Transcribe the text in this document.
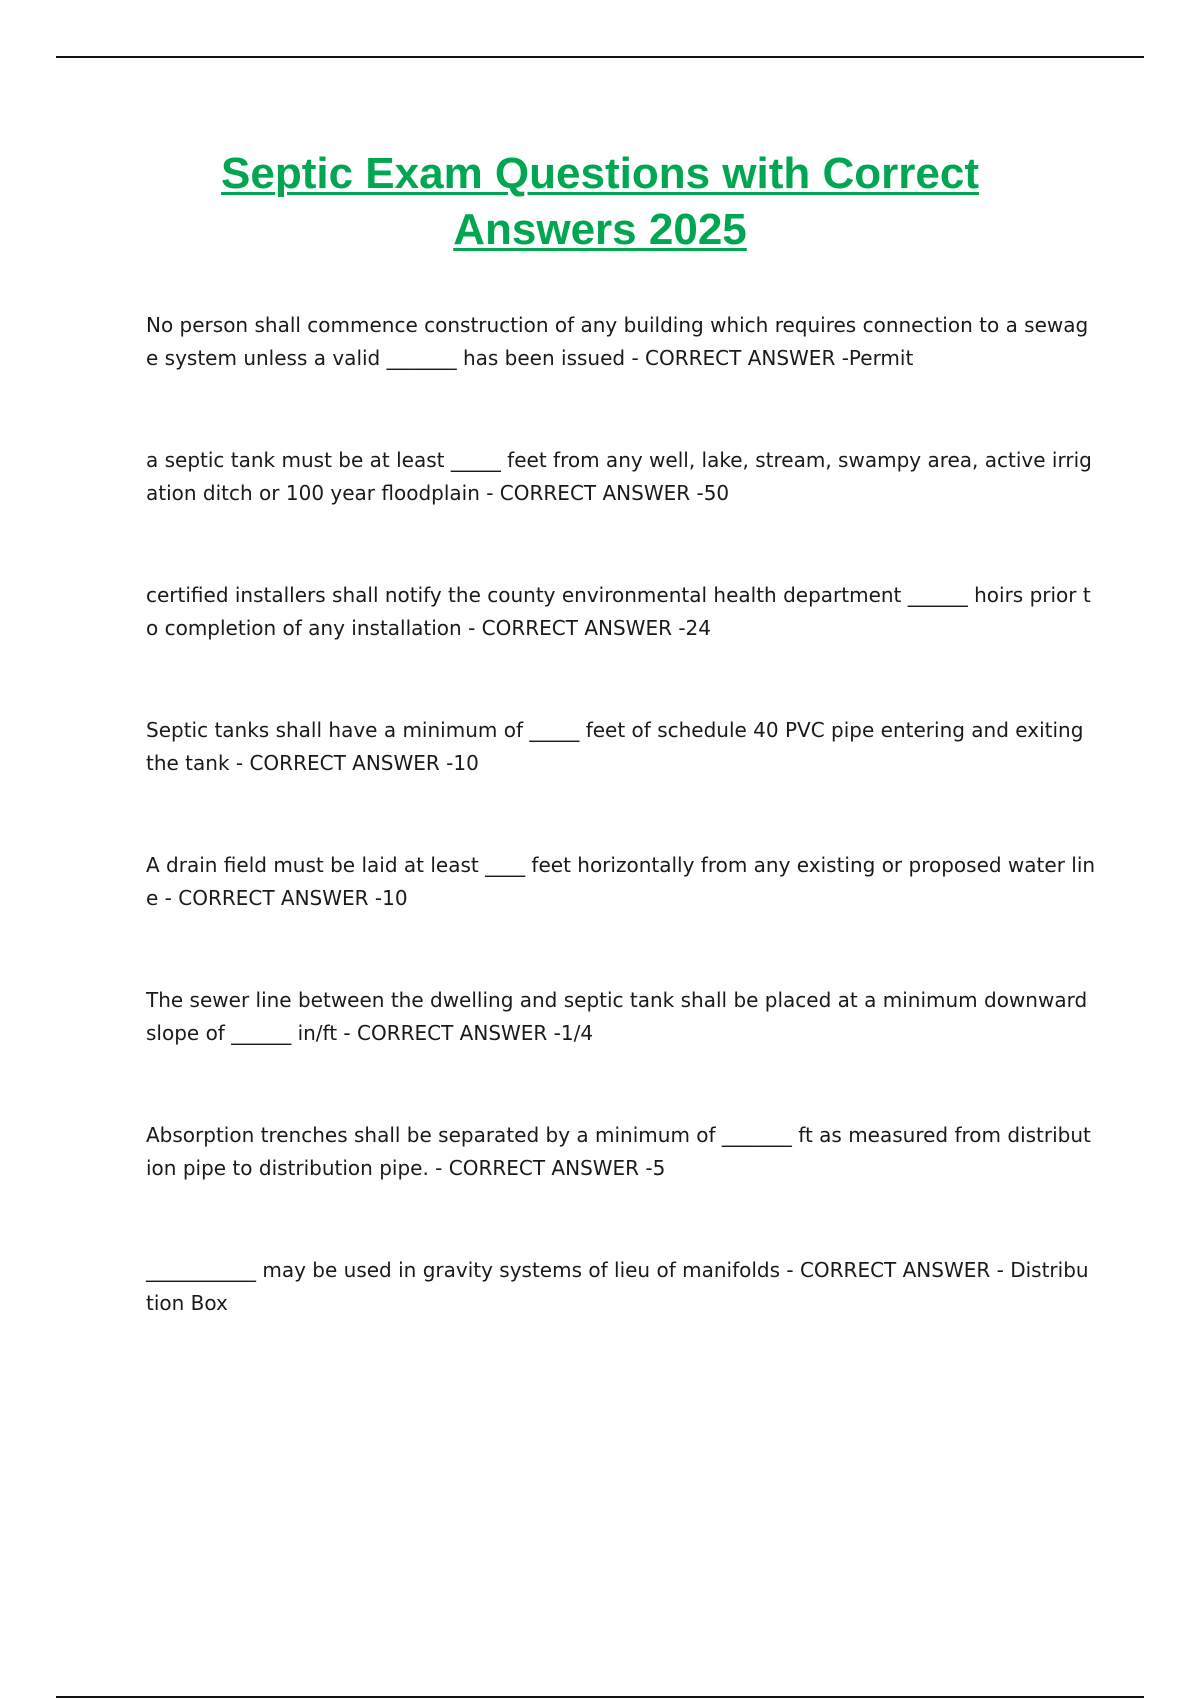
Septic Exam Questions with Correct
Answers 2025
No person shall commence construction of any building which requires connection to a sewage system unless a valid _______ has been issued - CORRECT ANSWER -Permit
a septic tank must be at least _____ feet from any well, lake, stream, swampy area, active irrigation ditch or 100 year floodplain - CORRECT ANSWER -50
certified installers shall notify the county environmental health department ______ hoirs prior to completion of any installation - CORRECT ANSWER -24
Septic tanks shall have a minimum of _____ feet of schedule 40 PVC pipe entering and exiting the tank - CORRECT ANSWER -10
A drain field must be laid at least ____ feet horizontally from any existing or proposed water line - CORRECT ANSWER -10
The sewer line between the dwelling and septic tank shall be placed at a minimum downward slope of ______ in/ft - CORRECT ANSWER -1/4
Absorption trenches shall be separated by a minimum of _______ ft as measured from distribution pipe to distribution pipe. - CORRECT ANSWER -5
___________ may be used in gravity systems of lieu of manifolds - CORRECT ANSWER - Distribution Box
